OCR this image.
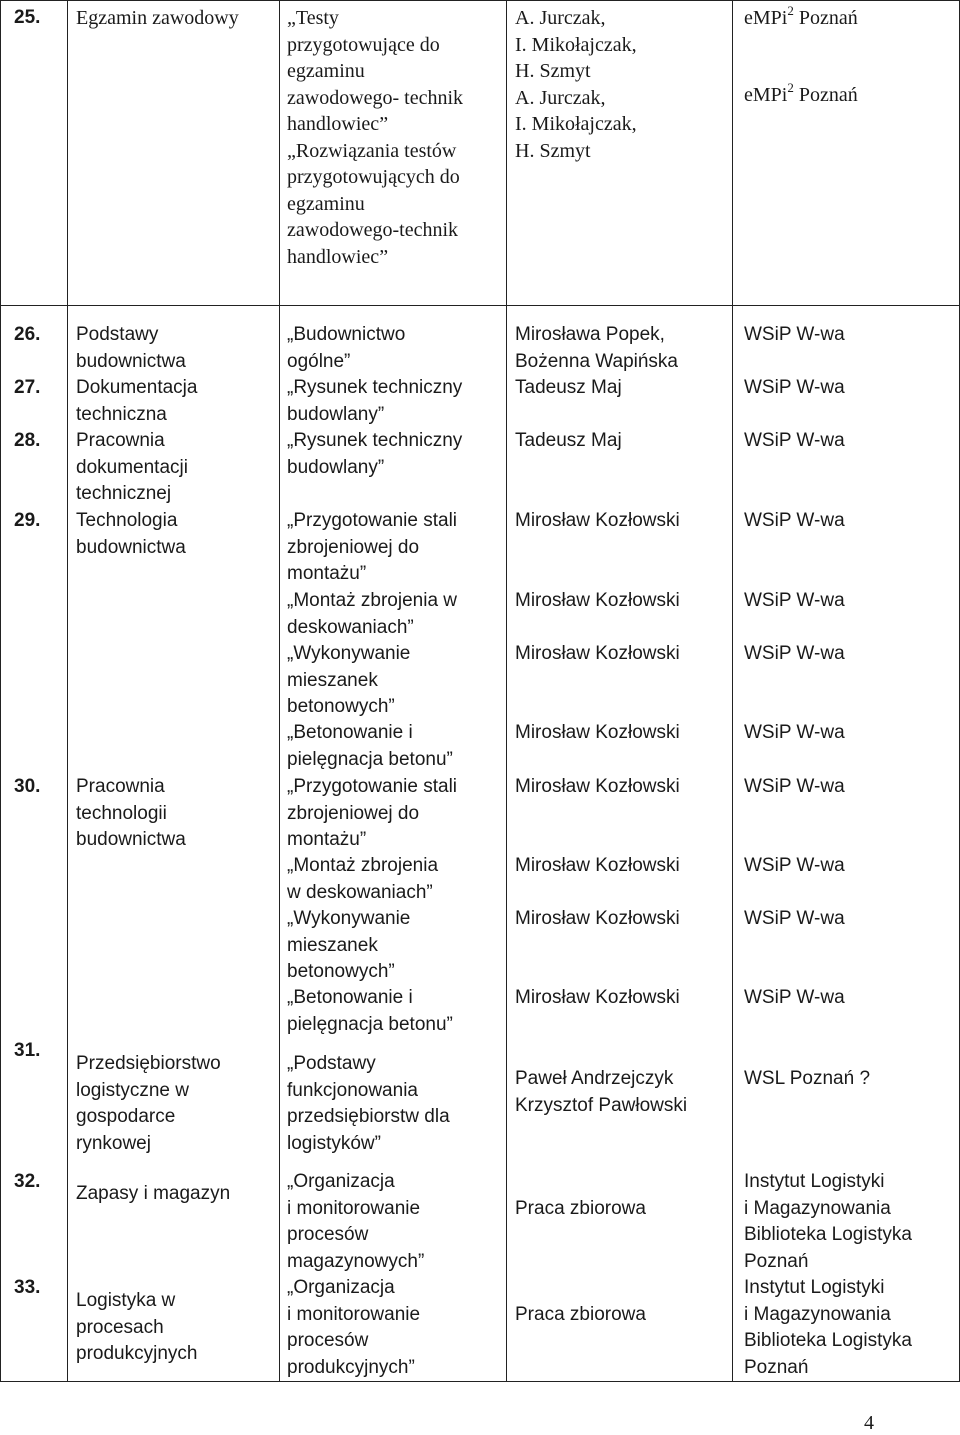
25. Egzamin zawodowy „Testy
przygotowujące do
egzaminu
zawodowego- technik
handlowiec”
„Rozwiązania testów
przygotowujących do
egzaminu
zawodowego-technik
handlowiec”
A. Jurczak,
I. Mikołajczak,
H. Szmyt
A. Jurczak,
I. Mikołajczak,
H. Szmyt
eMPi$^2$ Poznań
eMPi$^2$ Poznań
26. Podstawy
budownictwa
„Budownictwo
ogólne”
Mirosława Popek,
Bożenna Wapińska
WSiP W-wa
27. Dokumentacja
techniczna
„Rysunek techniczny
budowlany”
Tadeusz Maj	WSiP W-wa
28. Pracownia
dokumentacji
technicznej
„Rysunek techniczny
budowlany”
Tadeusz Maj	WSiP W-wa
29. Technologia
budownictwa
„Przygotowanie stali
zbrojeniowej do
montażu”
„Montaż zbrojenia w
deskowaniach”
„Wykonywanie
mieszanek
betonowych”
„Betonowanie i
pielęgnacja betonu”
Mirosław Kozłowski
Mirosław Kozłowski
Mirosław Kozłowski
Mirosław Kozłowski
WSiP W-wa
WSiP W-wa
WSiP W-wa
WSiP W-wa
30. Pracownia
technologii
budownictwa
„Przygotowanie stali
zbrojeniowej do
montażu”
„Montaż zbrojenia
w deskowaniach”
„Wykonywanie
mieszanek
betonowych”
„Betonowanie i
pielęgnacja betonu”
Mirosław Kozłowski
Mirosław Kozłowski
Mirosław Kozłowski
Mirosław Kozłowski
WSiP W-wa
WSiP W-wa
WSiP W-wa
WSiP W-wa
31.
Przedsiębiorstwo
logistyczne w
gospodarce
rynkowej
„Podstawy
funkcjonowania
przedsiębiorstw dla
logistyków”
Paweł Andrzejczyk
Krzysztof Pawłowski
WSL Poznań ?
32.
Zapasy i magazyn
„Organizacja
i monitorowanie
procesów
magazynowych”
Praca zbiorowa
Instytut Logistyki
i Magazynowania
Biblioteka Logistyka
Poznań
33.
Logistyka w
procesach
produkcyjnych
„Organizacja
i monitorowanie
procesów
produkcyjnych”
Praca zbiorowa
Instytut Logistyki
i Magazynowania
Biblioteka Logistyka
Poznań
4
